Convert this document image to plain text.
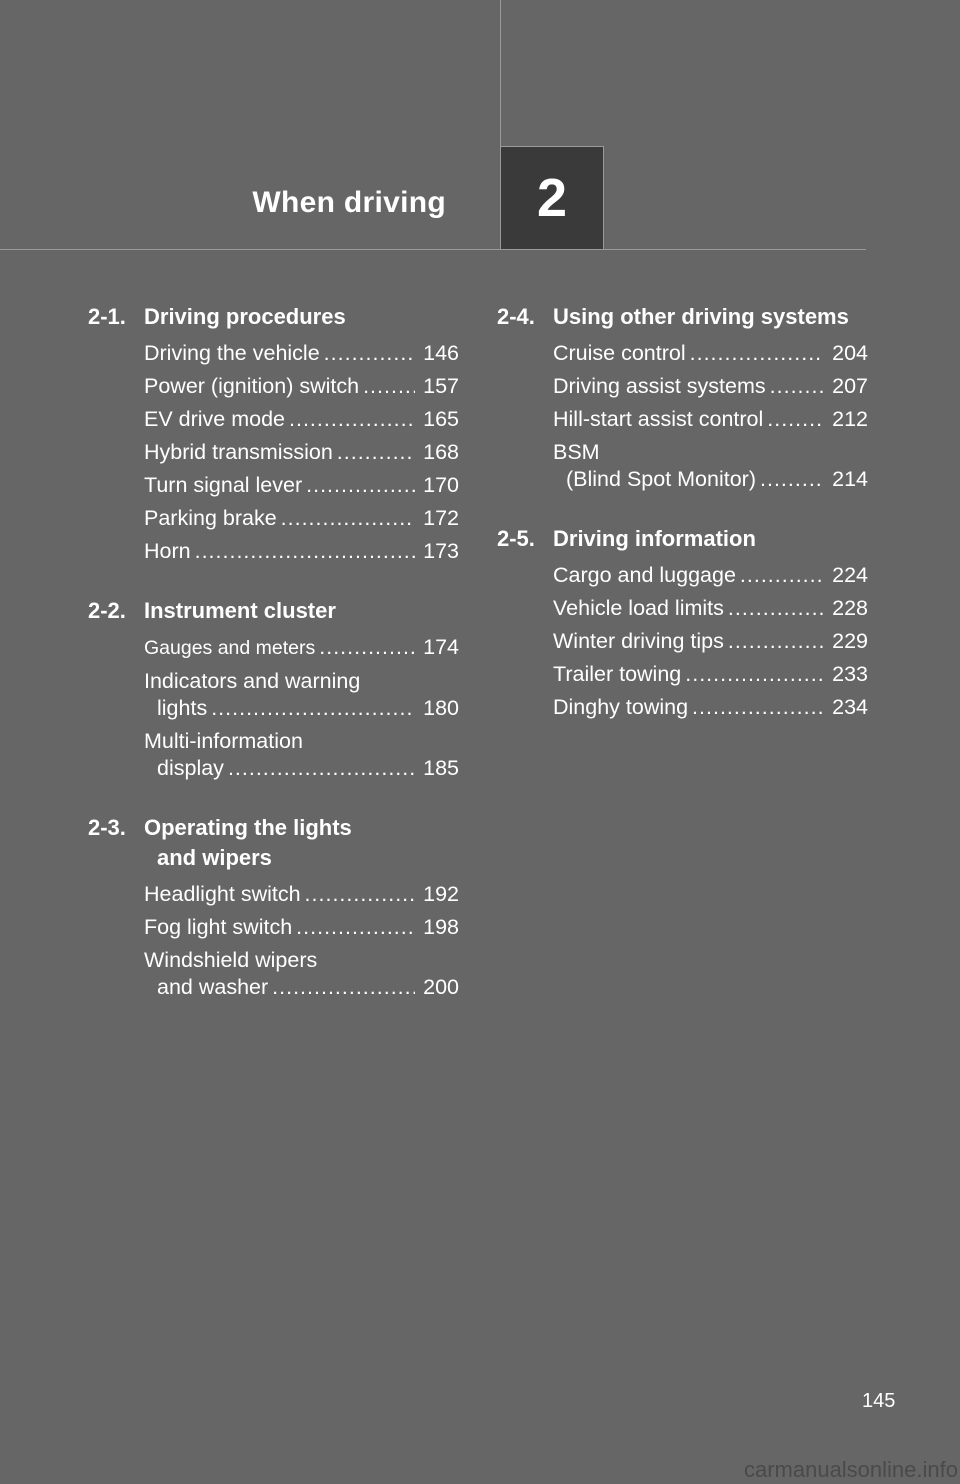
When driving 2
2-1. Driving procedures
Driving the vehicle .....	146
Power (ignition) switch .....	157
EV drive mode .....	165
Hybrid transmission .....	168
Turn signal lever .....	170
Parking brake .....	172
Horn .....	173
2-2. Instrument cluster
Gauges and meters .....	174
Indicators and warning
lights .....	180
Multi-information
display .....	185
2-3. Operating the lights
and wipers
Headlight switch .....	192
Fog light switch .....	198
Windshield wipers
and washer .....	200
2-4. Using other driving systems
Cruise control .....	204
Driving assist systems .....	207
Hill-start assist control .....	212
BSM
(Blind Spot Monitor) .....	214
2-5. Driving information
Cargo and luggage .....	224
Vehicle load limits .....	228
Winter driving tips .....	229
Trailer towing .....	233
Dinghy towing .....	234
145
carmanualsonline.info
